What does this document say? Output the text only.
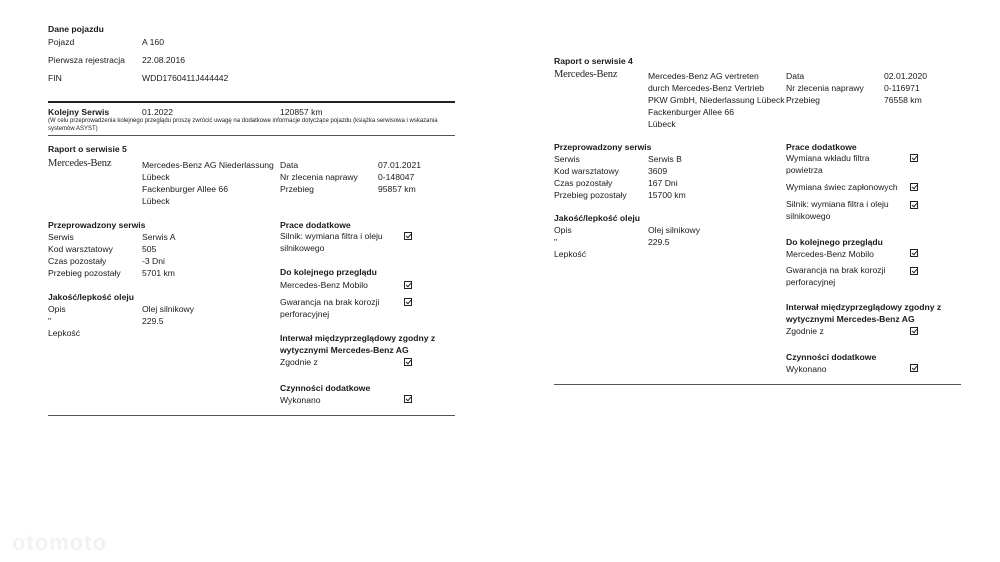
Dane pojazdu
Pojazd	A 160
Pierwsza rejestracja 22.08.2016
FIN	WDD1760411J444442
Kolejny Serwis	01.2022	120857 km
(W celu przeprowadzenia kolejnego przeglądu proszę zwrócić uwagę na dodatkowe informacje dotyczące pojazdu (książka serwisowa i wskazania systemów ASYST)
Raport o serwisie 5
Mercedes-Benz	Mercedes-Benz AG Niederlassung
Lübeck
Fackenburger Allee 66
Lübeck
Data	07.01.2021
Nr zlecenia naprawy 0-148047
Przebieg	95857 km
Przeprowadzony serwis
Serwis	Serwis A
Kod warsztatowy	505
Czas pozostały	-3 Dni
Przebieg pozostały 5701 km
Jakość/lepkość oleju
Opis	Olej silnikowy
"	229.5
Lepkość
Prace dodatkowe
Silnik: wymiana filtra i oleju silnikowego
Do kolejnego przeglądu
Mercedes-Benz Mobilo
Gwarancja na brak korozji perforacyjnej
Interwał międzyprzeglądowy zgodny z wytycznymi Mercedes-Benz AG
Zgodnie z
Czynności dodatkowe
Wykonano
Raport o serwisie 4
Mercedes-Benz	Mercedes-Benz AG vertreten
durch Mercedes-Benz Vertrieb
PKW GmbH, Niederlassung Lübeck
Fackenburger Allee 66
Lübeck
Data	02.01.2020
Nr zlecenia naprawy 0-116971
Przebieg	76558 km
Przeprowadzony serwis
Serwis	Serwis B
Kod warsztatowy	3609
Czas pozostały	167 Dni
Przebieg pozostały 15700 km
Jakość/lepkość oleju
Opis	Olej silnikowy
"	229.5
Lepkość
Prace dodatkowe
Wymiana wkładu filtra powietrza
Wymiana świec zapłonowych
Silnik: wymiana filtra i oleju silnikowego
Do kolejnego przeglądu
Mercedes-Benz Mobilo
Gwarancja na brak korozji perforacyjnej
Interwał międzyprzeglądowy zgodny z wytycznymi Mercedes-Benz AG
Zgodnie z
Czynności dodatkowe
Wykonano
otomoto
